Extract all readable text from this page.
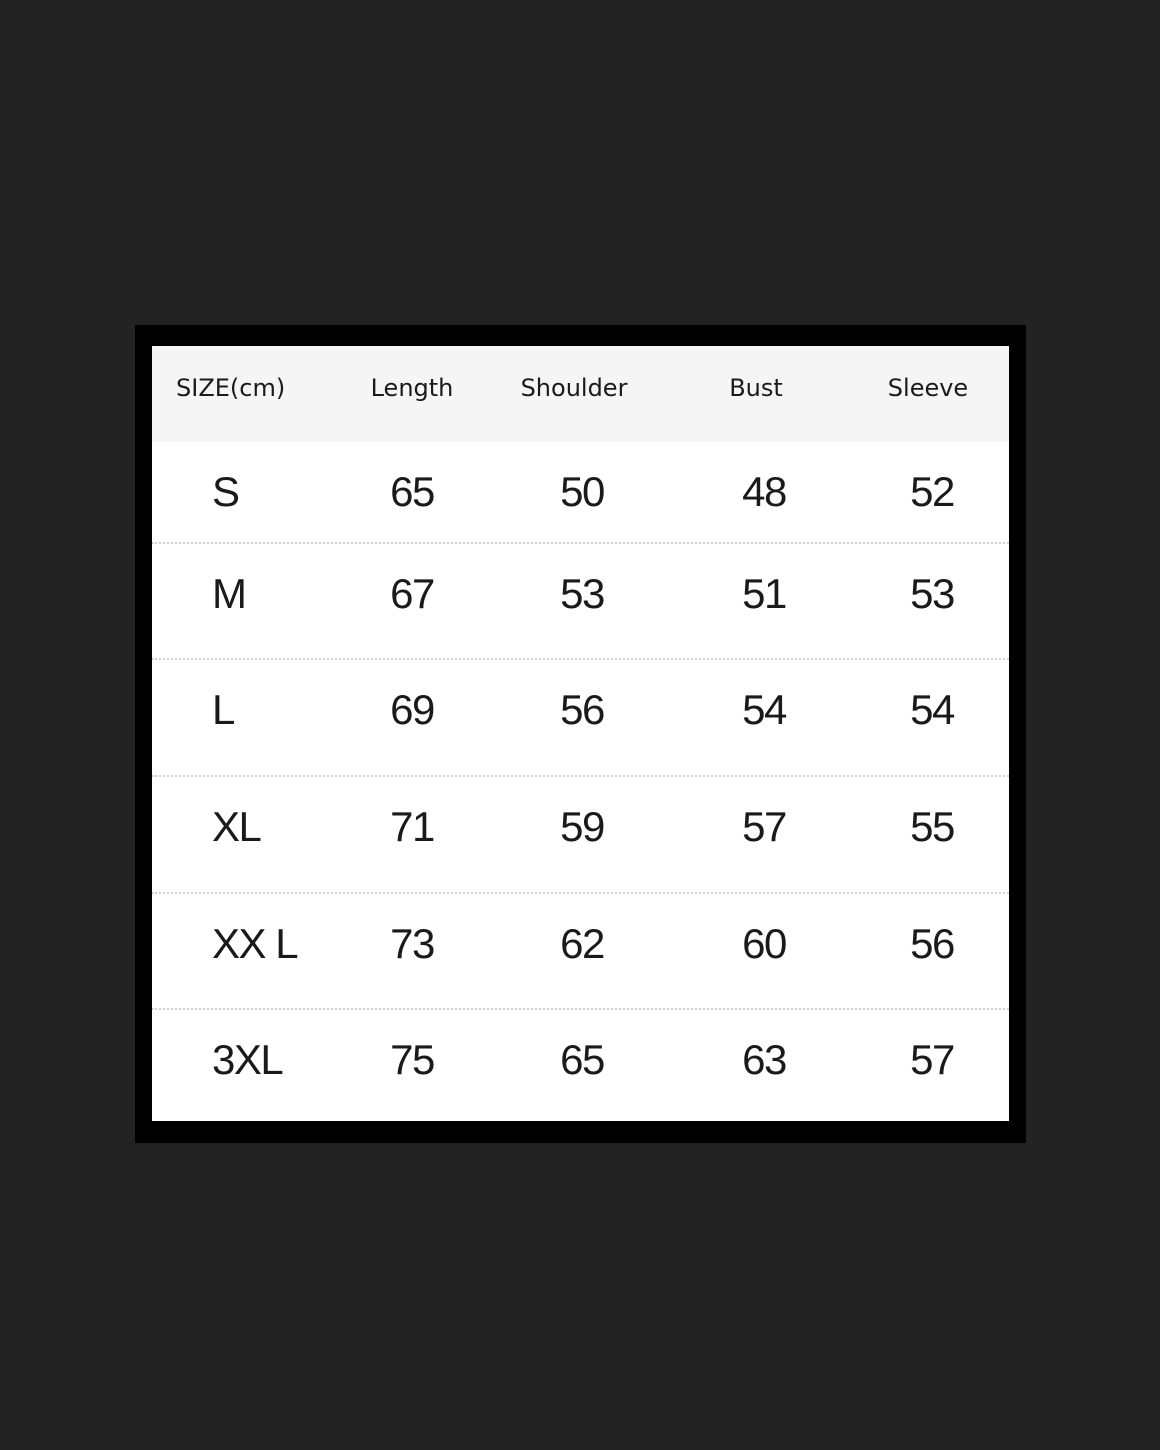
SIZE(cm)	Length	Shoulder	Bust	Sleeve
S	65	50	48	52
M	67	53	51	53
L	69	56	54	54
XL	71	59	57	55
XX L	73	62	60	56
3XL	75	65	63	57
